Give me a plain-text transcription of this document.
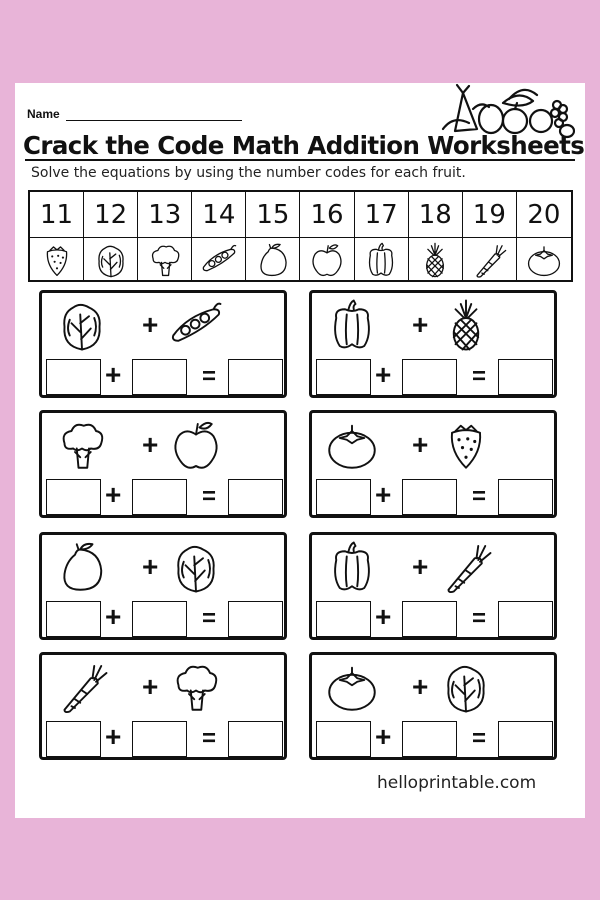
Name
Crack the Code Math Addition Worksheets
Solve the equations by using the number codes for each fruit.
11 12 13 14 15 16 17 18 19 20
+
+	=
+
+	=
+
+	=
+
+	=
+
+	=
+
+	=
+
+	=
+
+	=
helloprintable.com
